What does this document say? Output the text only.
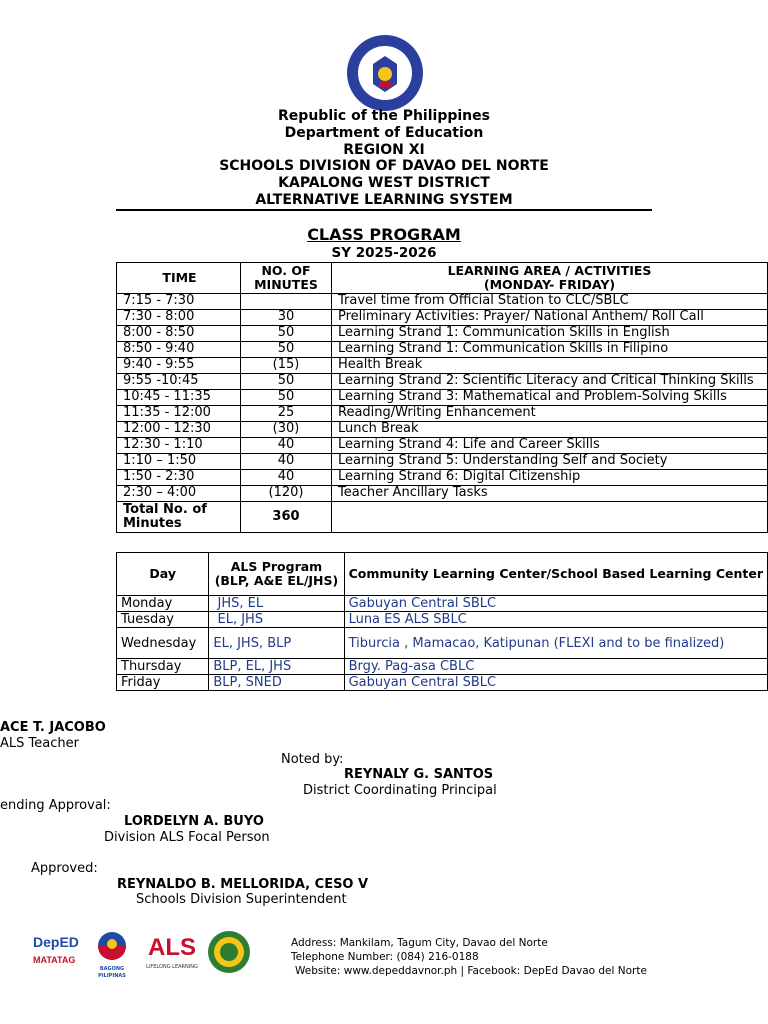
Republic of the Philippines
Department of Education
REGION XI
SCHOOLS DIVISION OF DAVAO DEL NORTE
KAPALONG WEST DISTRICT
ALTERNATIVE LEARNING SYSTEM
CLASS PROGRAM
SY 2025-2026
TIME	NO. OF MINUTES	LEARNING AREA / ACTIVITIES
(MONDAY- FRIDAY)

7:15 - 7:30		Travel time from Official Station to CLC/SBLC
7:30 - 8:00	30	Preliminary Activities: Prayer/ National Anthem/ Roll Call
8:00 - 8:50	50	Learning Strand 1: Communication Skills in English
8:50 - 9:40	50	Learning Strand 1: Communication Skills in Filipino
9:40 - 9:55	(15)	Health Break
9:55 -10:45	50	Learning Strand 2: Scientific Literacy and Critical Thinking Skills
10:45 - 11:35	50	Learning Strand 3: Mathematical and Problem-Solving Skills
11:35 - 12:00	25	Reading/Writing Enhancement
12:00 - 12:30	(30)	Lunch Break
12:30 - 1:10	40	Learning Strand 4: Life and Career Skills
1:10 – 1:50	40	Learning Strand 5: Understanding Self and Society
1:50 - 2:30	40	Learning Strand 6: Digital Citizenship
2:30 – 4:00	(120)	Teacher Ancillary Tasks
Total No. of Minutes	360	
Day	ALS Program (BLP, A&E EL/JHS)	Community Learning Center/School Based Learning Center
Monday	JHS, EL	Gabuyan Central SBLC
Tuesday	EL, JHS	Luna ES ALS SBLC
Wednesday	EL, JHS, BLP	Tiburcia , Mamacao, Katipunan (FLEXI and to be finalized)
Thursday	BLP, EL, JHS	Brgy. Pag-asa CBLC
Friday	BLP, SNED	Gabuyan Central SBLC
ACE T. JACOBO
ALS Teacher
Noted by:
REYNALY G. SANTOS
District Coordinating Principal
ending Approval:
LORDELYN A. BUYO
Division ALS Focal Person
Approved:
REYNALDO B. MELLORIDA, CESO V
Schools Division Superintendent
DepED
MATATAG
BAGONG PILIPINAS
ALS
LIFELONG LEARNING
Address: Mankilam, Tagum City, Davao del Norte
Telephone Number: (084) 216-0188
Website: www.depeddavnor.ph | Facebook: DepEd Davao del Norte
